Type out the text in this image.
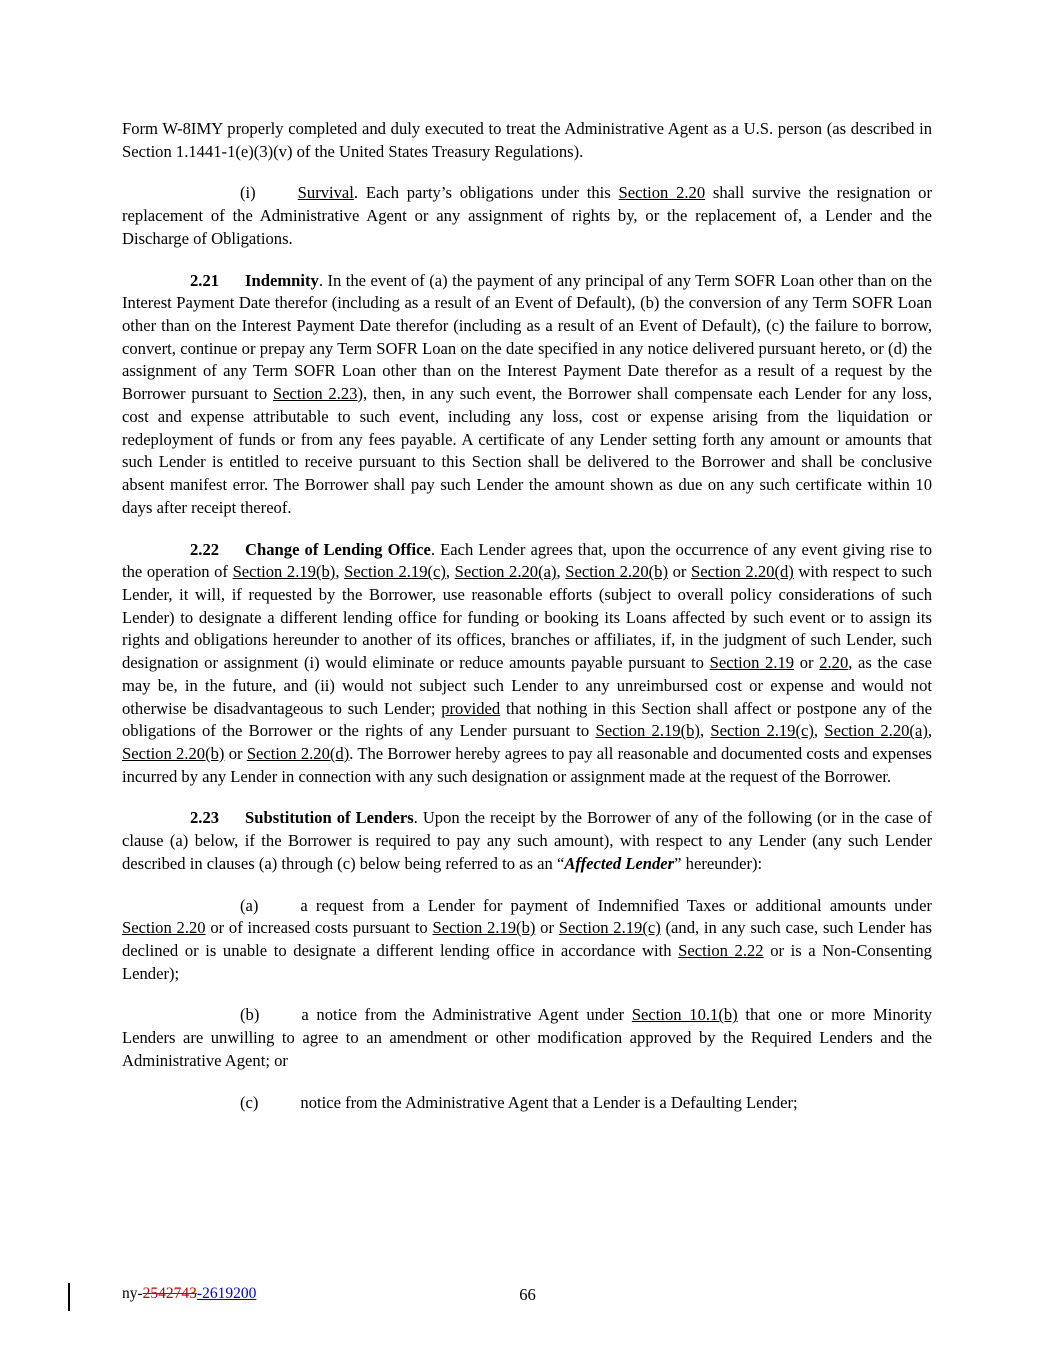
Form W-8IMY properly completed and duly executed to treat the Administrative Agent as a U.S. person (as described in Section 1.1441-1(e)(3)(v) of the United States Treasury Regulations).

(i)	Survival. Each party’s obligations under this Section 2.20 shall survive the resignation or replacement of the Administrative Agent or any assignment of rights by, or the replacement of, a Lender and the Discharge of Obligations.

2.21 Indemnity. In the event of (a) the payment of any principal of any Term SOFR Loan other than on the Interest Payment Date therefor (including as a result of an Event of Default), (b) the conversion of any Term SOFR Loan other than on the Interest Payment Date therefor (including as a result of an Event of Default), (c) the failure to borrow, convert, continue or prepay any Term SOFR Loan on the date specified in any notice delivered pursuant hereto, or (d) the assignment of any Term SOFR Loan other than on the Interest Payment Date therefor as a result of a request by the Borrower pursuant to Section 2.23), then, in any such event, the Borrower shall compensate each Lender for any loss, cost and expense attributable to such event, including any loss, cost or expense arising from the liquidation or redeployment of funds or from any fees payable. A certificate of any Lender setting forth any amount or amounts that such Lender is entitled to receive pursuant to this Section shall be delivered to the Borrower and shall be conclusive absent manifest error. The Borrower shall pay such Lender the amount shown as due on any such certificate within 10 days after receipt thereof.

2.22 Change of Lending Office. Each Lender agrees that, upon the occurrence of any event giving rise to the operation of Section 2.19(b), Section 2.19(c), Section 2.20(a), Section 2.20(b) or Section 2.20(d) with respect to such Lender, it will, if requested by the Borrower, use reasonable efforts (subject to overall policy considerations of such Lender) to designate a different lending office for funding or booking its Loans affected by such event or to assign its rights and obligations hereunder to another of its offices, branches or affiliates, if, in the judgment of such Lender, such designation or assignment (i) would eliminate or reduce amounts payable pursuant to Section 2.19 or 2.20, as the case may be, in the future, and (ii) would not subject such Lender to any unreimbursed cost or expense and would not otherwise be disadvantageous to such Lender; provided that nothing in this Section shall affect or postpone any of the obligations of the Borrower or the rights of any Lender pursuant to Section 2.19(b), Section 2.19(c), Section 2.20(a), Section 2.20(b) or Section 2.20(d). The Borrower hereby agrees to pay all reasonable and documented costs and expenses incurred by any Lender in connection with any such designation or assignment made at the request of the Borrower.

2.23 Substitution of Lenders. Upon the receipt by the Borrower of any of the following (or in the case of clause (a) below, if the Borrower is required to pay any such amount), with respect to any Lender (any such Lender described in clauses (a) through (c) below being referred to as an “Affected Lender” hereunder):

(a)	a request from a Lender for payment of Indemnified Taxes or additional amounts under Section 2.20 or of increased costs pursuant to Section 2.19(b) or Section 2.19(c) (and, in any such case, such Lender has declined or is unable to designate a different lending office in accordance with Section 2.22 or is a Non-Consenting Lender);

(b)	a notice from the Administrative Agent under Section 10.1(b) that one or more Minority Lenders are unwilling to agree to an amendment or other modification approved by the Required Lenders and the Administrative Agent; or

(c)	notice from the Administrative Agent that a Lender is a Defaulting Lender;

ny-2542743-2619200	66
